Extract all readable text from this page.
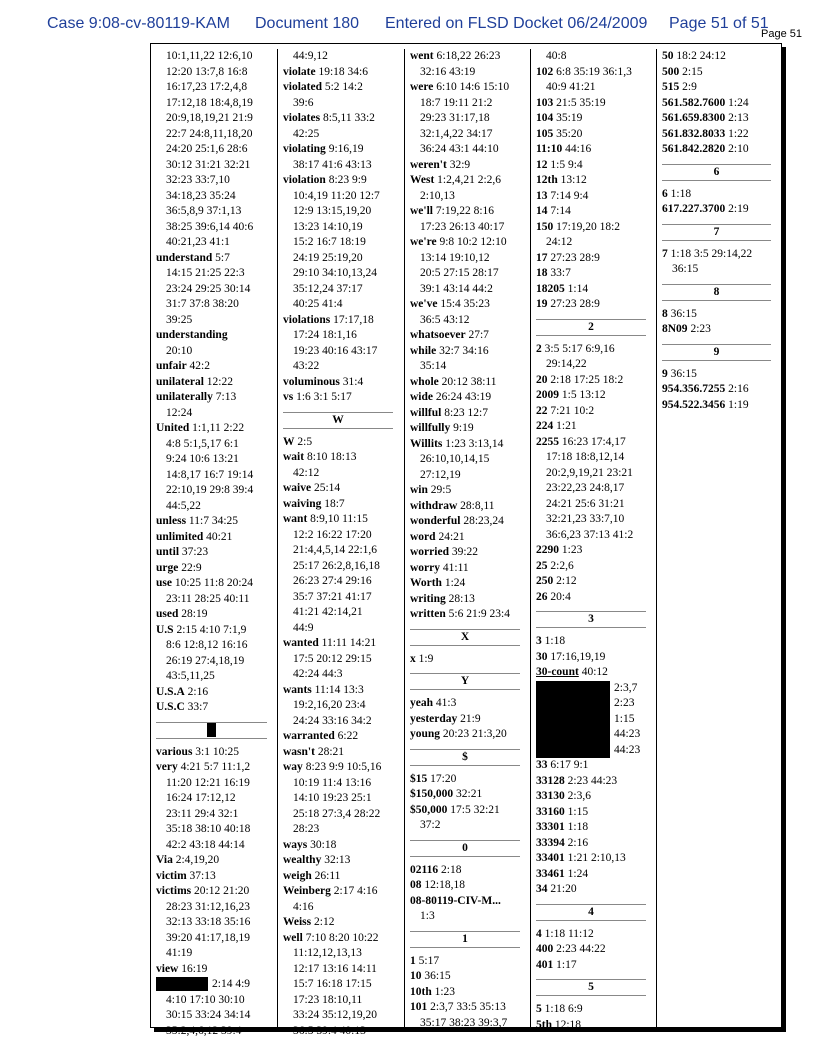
Case 9:08-cv-80119-KAM Document 180 Entered on FLSD Docket 06/24/2009 Page 51 of 51
Page 51
10:1,11,22 12:6,10
12:20 13:7,8 16:8
16:17,23 17:2,4,8
17:12,18 18:4,8,19
20:9,18,19,21 21:9
22:7 24:8,11,18,20
24:20 25:1,6 28:6
30:12 31:21 32:21
32:23 33:7,10
34:18,23 35:24
36:5,8,9 37:1,13
38:25 39:6,14 40:6
40:21,23 41:1
understand 5:7
14:15 21:25 22:3
23:24 29:25 30:14
31:7 37:8 38:20
39:25
understanding
20:10
unfair 42:2
unilateral 12:22
unilaterally 7:13
12:24
United 1:1,11 2:22
4:8 5:1,5,17 6:1
9:24 10:6 13:21
14:8,17 16:7 19:14
22:10,19 29:8 39:4
44:5,22
unless 11:7 34:25
unlimited 40:21
until 37:23
urge 22:9
use 10:25 11:8 20:24
23:11 28:25 40:11
used 28:19
U.S 2:15 4:10 7:1,9
8:6 12:8,12 16:16
26:19 27:4,18,19
43:5,11,25
U.S.A 2:16
U.S.C 33:7
various 3:1 10:25
very 4:21 5:7 11:1,2
11:20 12:21 16:19
16:24 17:12,12
23:11 29:4 32:1
35:18 38:10 40:18
42:2 43:18 44:14
Via 2:4,19,20
victim 37:13
victims 20:12 21:20
28:23 31:12,16,23
32:13 33:18 35:16
39:20 41:17,18,19
41:19
view 16:19
2:14 4:9
4:10 17:10 30:10
30:15 33:24 34:14
35:2,4,6,12 39:4
44:9,12
violate 19:18 34:6
violated 5:2 14:2
39:6
violates 8:5,11 33:2
42:25
violating 9:16,19
38:17 41:6 43:13
violation 8:23 9:9
10:4,19 11:20 12:7
12:9 13:15,19,20
13:23 14:10,19
15:2 16:7 18:19
24:19 25:19,20
29:10 34:10,13,24
35:12,24 37:17
40:25 41:4
violations 17:17,18
17:24 18:1,16
19:23 40:16 43:17
43:22
voluminous 31:4
vs 1:6 3:1 5:17
W
W 2:5
wait 8:10 18:13
42:12
waive 25:14
waiving 18:7
want 8:9,10 11:15
12:2 16:22 17:20
21:4,4,5,14 22:1,6
25:17 26:2,8,16,18
26:23 27:4 29:16
35:7 37:21 41:17
41:21 42:14,21
44:9
wanted 11:11 14:21
17:5 20:12 29:15
42:24 44:3
wants 11:14 13:3
19:2,16,20 23:4
24:24 33:16 34:2
warranted 6:22
wasn't 28:21
way 8:23 9:9 10:5,16
10:19 11:4 13:16
14:10 19:23 25:1
25:18 27:3,4 28:22
28:23
ways 30:18
wealthy 32:13
weigh 26:11
Weinberg 2:17 4:16
4:16
Weiss 2:12
well 7:10 8:20 10:22
11:12,12,13,13
12:17 13:16 14:11
15:7 16:18 17:15
17:23 18:10,11
33:24 35:12,19,20
36:5 39:4 40:13
went 6:18,22 26:23
32:16 43:19
were 6:10 14:6 15:10
18:7 19:11 21:2
29:23 31:17,18
32:1,4,22 34:17
36:24 43:1 44:10
weren't 32:9
West 1:2,4,21 2:2,6
2:10,13
we'll 7:19,22 8:16
17:23 26:13 40:17
we're 9:8 10:2 12:10
13:14 19:10,12
20:5 27:15 28:17
39:1 43:14 44:2
we've 15:4 35:23
36:5 43:12
whatsoever 27:7
while 32:7 34:16
35:14
whole 20:12 38:11
wide 26:24 43:19
willful 8:23 12:7
willfully 9:19
Willits 1:23 3:13,14
26:10,10,14,15
27:12,19
win 29:5
withdraw 28:8,11
wonderful 28:23,24
word 24:21
worried 39:22
worry 41:11
Worth 1:24
writing 28:13
written 5:6 21:9 23:4
X
x 1:9
Y
yeah 41:3
yesterday 21:9
young 20:23 21:3,20
$
$15 17:20
$150,000 32:21
$50,000 17:5 32:21
37:2
0
02116 2:18
08 12:18,18
08-80119-CIV-M...
1:3
1
1 5:17
10 36:15
10th 1:23
101 2:3,7 33:5 35:13
35:17 38:23 39:3,7
40:8
102 6:8 35:19 36:1,3
40:9 41:21
103 21:5 35:19
104 35:19
105 35:20
11:10 44:16
12 1:5 9:4
12th 13:12
13 7:14 9:4
14 7:14
150 17:19,20 18:2
24:12
17 27:23 28:9
18 33:7
18205 1:14
19 27:23 28:9
2
2 3:5 5:17 6:9,16
29:14,22
20 2:18 17:25 18:2
2009 1:5 13:12
22 7:21 10:2
224 1:21
2255 16:23 17:4,17
17:18 18:8,12,14
20:2,9,19,21 23:21
23:22,23 24:8,17
24:21 25:6 31:21
32:21,23 33:7,10
36:6,23 37:13 41:2
2290 1:23
25 2:2,6
250 2:12
26 20:4
3
3 1:18
30 17:16,19,19
30-count 40:12
2:3,7
2:23
1:15
44:23
44:23
33 6:17 9:1
33128 2:23 44:23
33130 2:3,6
33160 1:15
33301 1:18
33394 2:16
33401 1:21 2:10,13
33461 1:24
34 21:20
4
4 1:18 11:12
400 2:23 44:22
401 1:17
5
5 1:18 6:9
5th 12:18
50 18:2 24:12
500 2:15
515 2:9
561.582.7600 1:24
561.659.8300 2:13
561.832.8033 1:22
561.842.2820 2:10
6
6 1:18
617.227.3700 2:19
7
7 1:18 3:5 29:14,22
36:15
8
8 36:15
8N09 2:23
9
9 36:15
954.356.7255 2:16
954.522.3456 1:19
